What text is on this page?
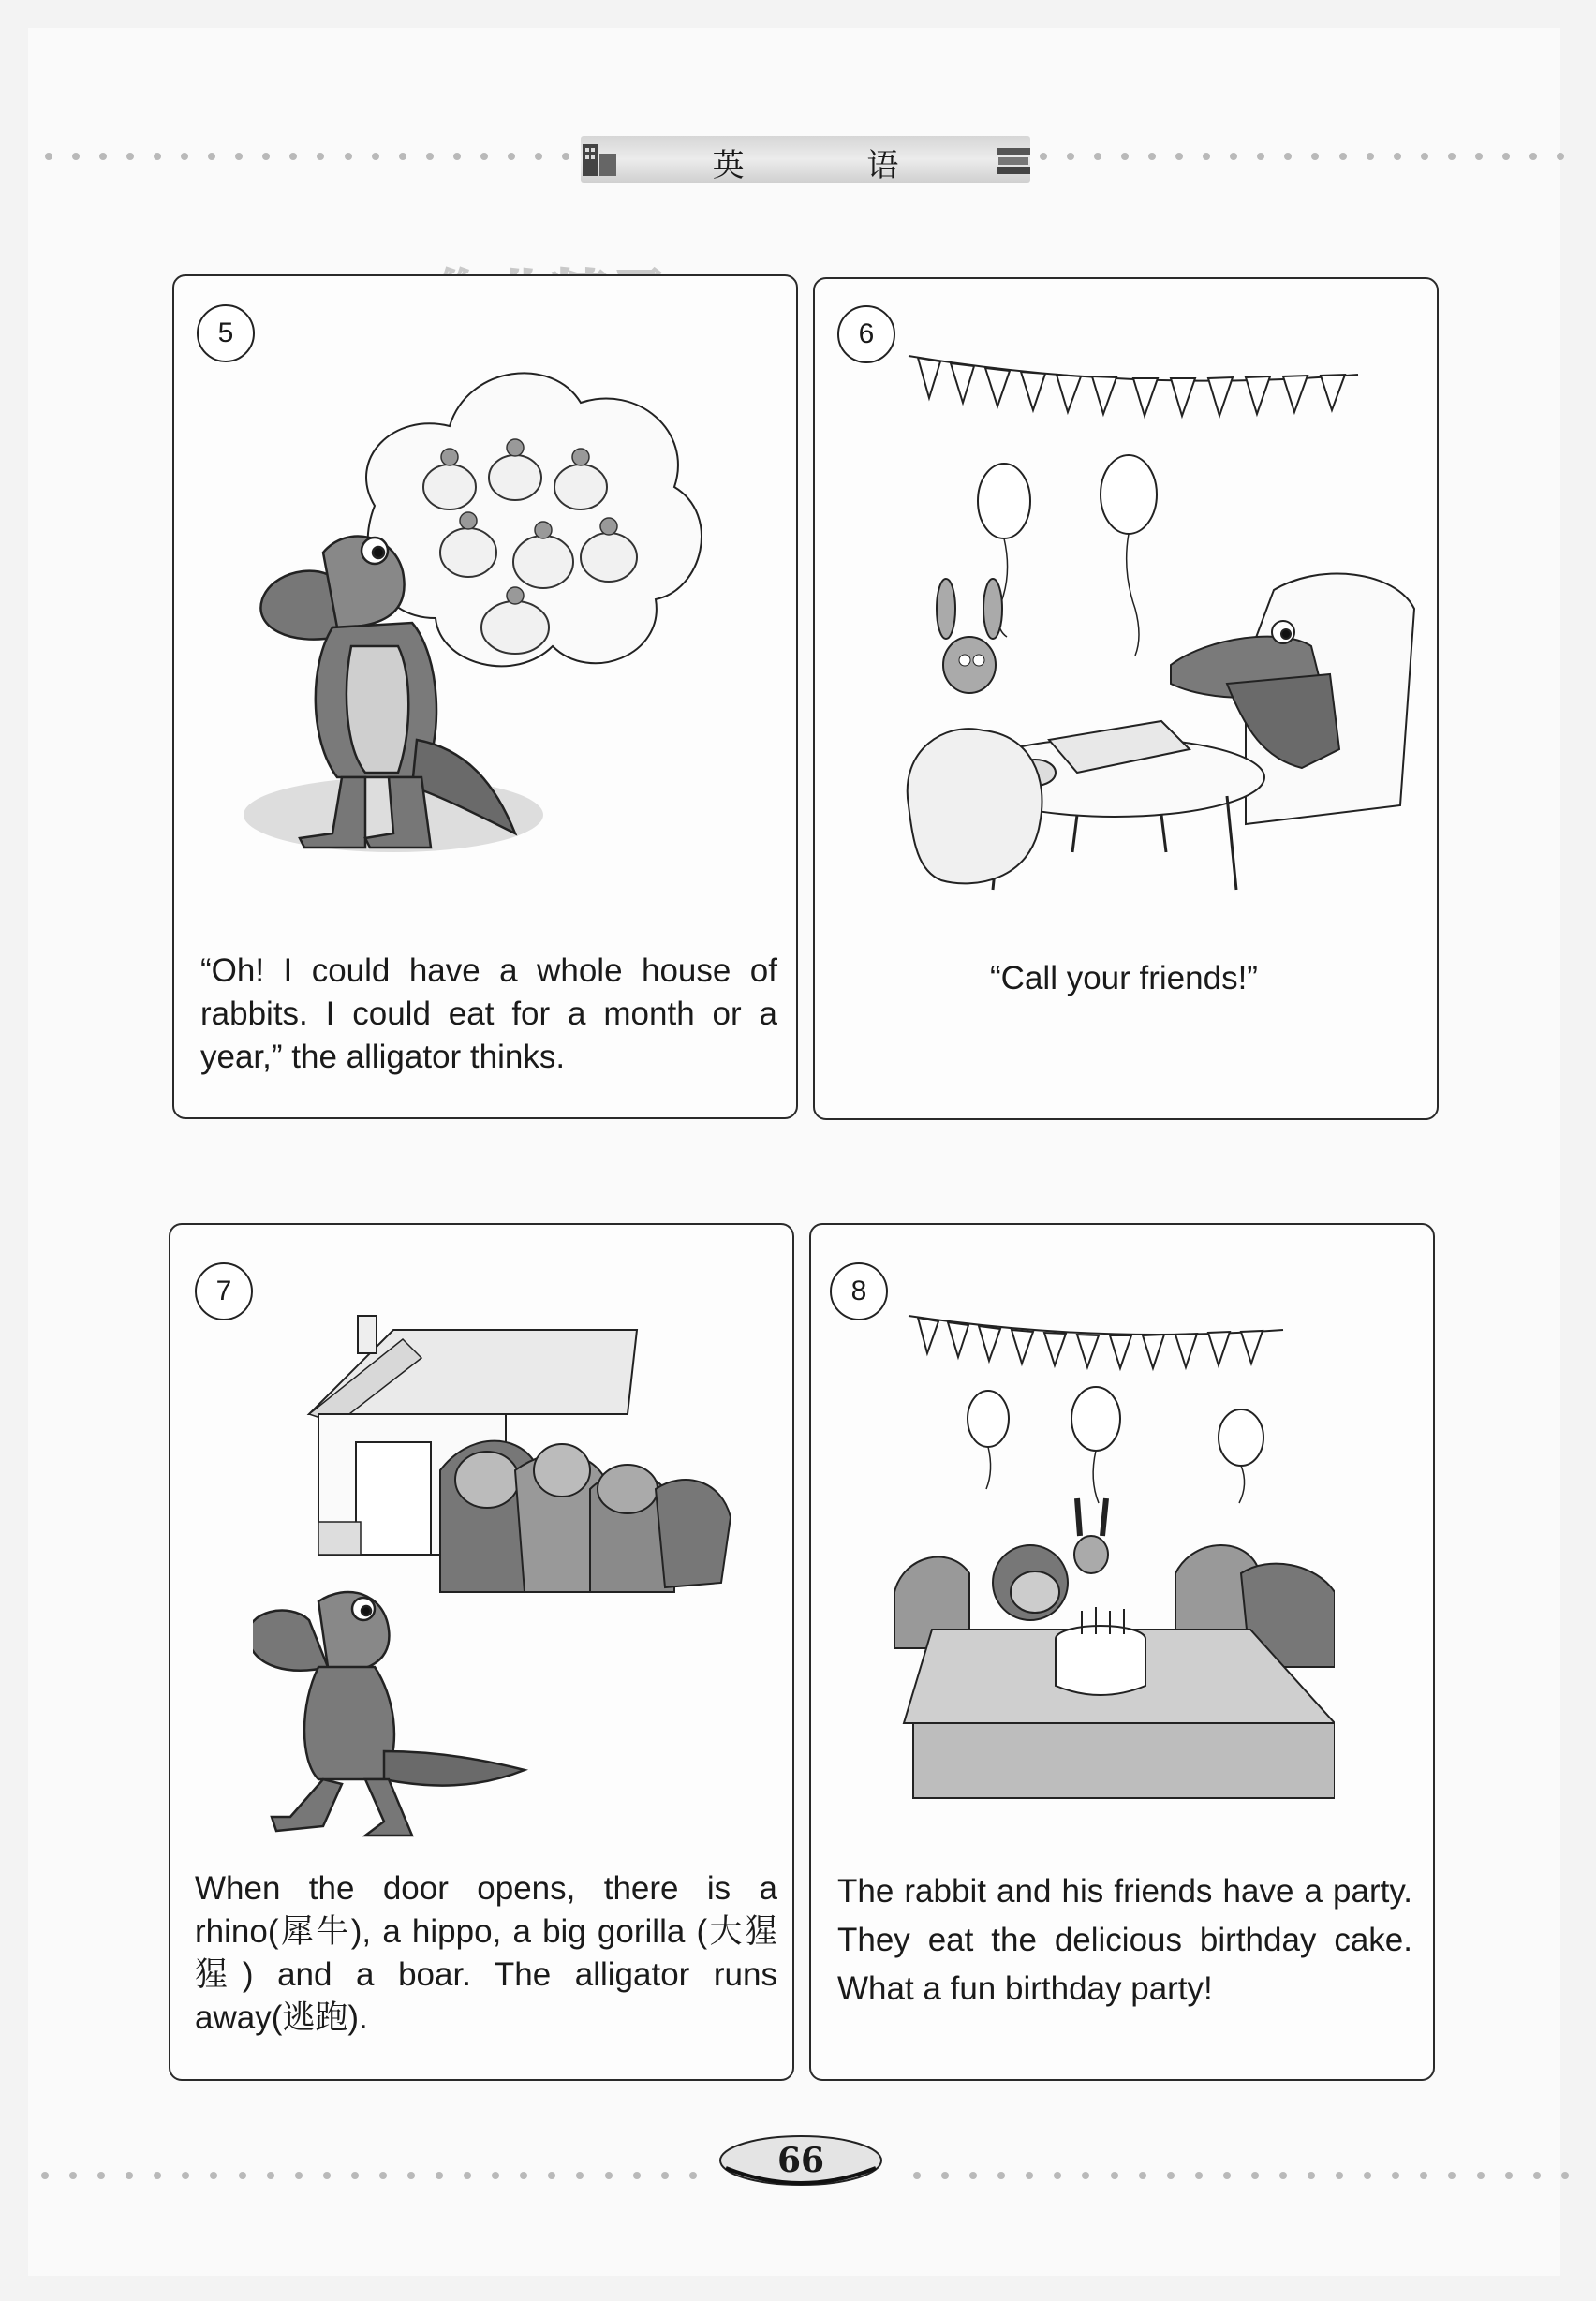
英 语
5
“Oh! I could have a whole house of rabbits. I could eat for a month or a year,” the alligator thinks.
6
“Call your friends!”
7
When the door opens, there is a rhino(犀牛), a hippo, a big gorilla (大猩猩) and a boar. The alligator runs away(逃跑).
8
The rabbit and his friends have a party. They eat the delicious birthday cake. What a fun birthday party!
66
